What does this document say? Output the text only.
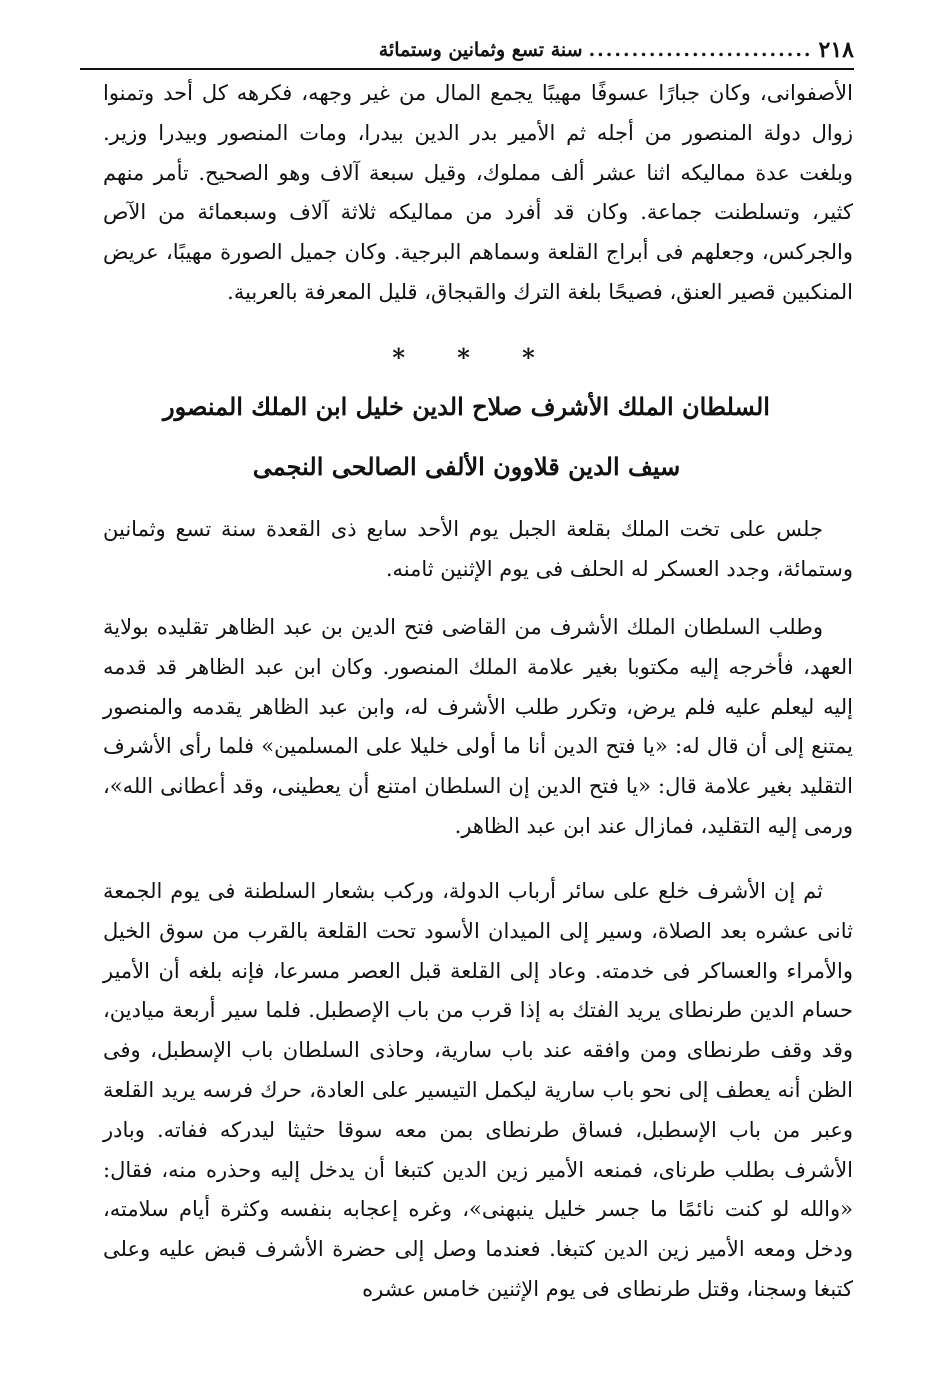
٢١٨
..........................
سنة تسع وثمانين وستمائة

الأصفوانى، وكان جبارًا عسوفًا مهيبًا يجمع المال من غير وجهه، فكرهه كل أحد وتمنوا زوال دولة المنصور من أجله ثم الأمير بدر الدين بيدرا، ومات المنصور وبيدرا وزير. وبلغت عدة مماليكه اثنا عشر ألف مملوك، وقيل سبعة آلاف وهو الصحيح. تأمر منهم كثير، وتسلطنت جماعة. وكان قد أفرد من مماليكه ثلاثة آلاف وسبعمائة من الآص والجركس، وجعلهم فى أبراج القلعة وسماهم البرجية. وكان جميل الصورة مهيبًا، عريض المنكبين قصير العنق، فصيحًا بلغة الترك والقبجاق، قليل المعرفة بالعربية.

* * *
السلطان الملك الأشرف صلاح الدين خليل ابن الملك المنصور
سيف الدين قلاوون الألفى الصالحى النجمى

جلس على تخت الملك بقلعة الجبل يوم الأحد سابع ذى القعدة سنة تسع وثمانين وستمائة، وجدد العسكر له الحلف فى يوم الإثنين ثامنه.

وطلب السلطان الملك الأشرف من القاضى فتح الدين بن عبد الظاهر تقليده بولاية العهد، فأخرجه إليه مكتوبا بغير علامة الملك المنصور. وكان ابن عبد الظاهر قد قدمه إليه ليعلم عليه فلم يرض، وتكرر طلب الأشرف له، وابن عبد الظاهر يقدمه والمنصور يمتنع إلى أن قال له: «يا فتح الدين أنا ما أولى خليلا على المسلمين» فلما رأى الأشرف التقليد بغير علامة قال: «يا فتح الدين إن السلطان امتنع أن يعطينى، وقد أعطانى الله»، ورمى إليه التقليد، فمازال عند ابن عبد الظاهر.

ثم إن الأشرف خلع على سائر أرباب الدولة، وركب بشعار السلطنة فى يوم الجمعة ثانى عشره بعد الصلاة، وسير إلى الميدان الأسود تحت القلعة بالقرب من سوق الخيل والأمراء والعساكر فى خدمته. وعاد إلى القلعة قبل العصر مسرعا، فإنه بلغه أن الأمير حسام الدين طرنطاى يريد الفتك به إذا قرب من باب الإصطبل. فلما سير أربعة ميادين، وقد وقف طرنطاى ومن وافقه عند باب سارية، وحاذى السلطان باب الإسطبل، وفى الظن أنه يعطف إلى نحو باب سارية ليكمل التيسير على العادة، حرك فرسه يريد القلعة وعبر من باب الإسطبل، فساق طرنطاى بمن معه سوقا حثيثا ليدركه ففاته. وبادر الأشرف بطلب طرناى، فمنعه الأمير زين الدين كتبغا أن يدخل إليه وحذره منه، فقال: «والله لو كنت نائمًا ما جسر خليل ينبهنى»، وغره إعجابه بنفسه وكثرة أيام سلامته، ودخل ومعه الأمير زين الدين كتبغا. فعندما وصل إلى حضرة الأشرف قبض عليه وعلى كتبغا وسجنا، وقتل طرنطاى فى يوم الإثنين خامس عشره
